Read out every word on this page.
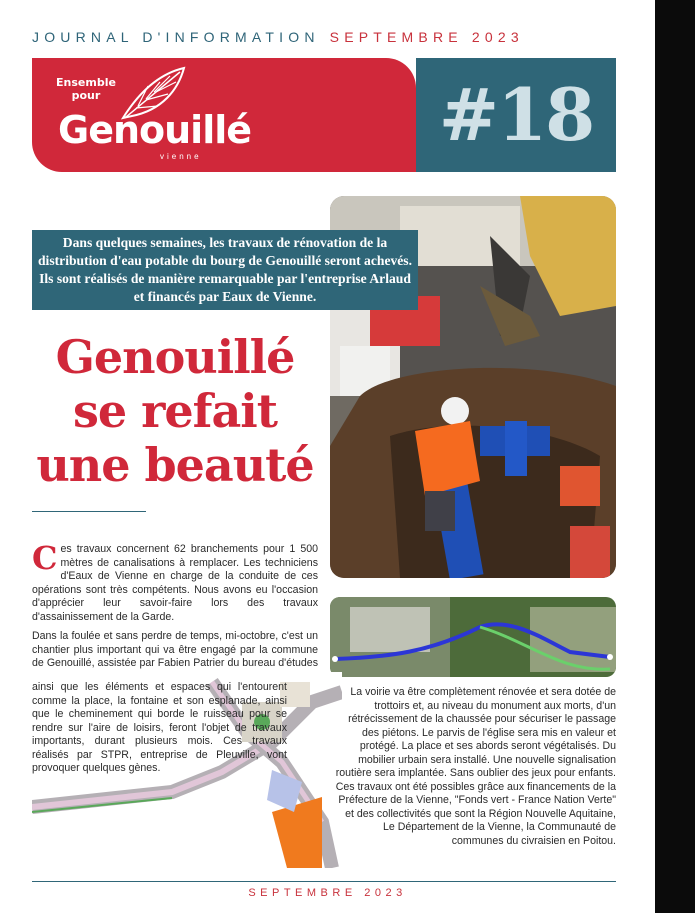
JOURNAL D'INFORMATION SEPTEMBRE 2023
Ensemble
pour
Genouillé
vienne	#18
Dans quelques semaines, les travaux de rénovation de la distribution d'eau potable du bourg de Genouillé seront achevés. Ils sont réalisés de manière remarquable par l'entreprise Arlaud et financés par Eaux de Vienne.
Genouillé
se refait
une beauté
Ces travaux concernent 62 branchements pour 1 500 mètres de canalisations à remplacer. Les techniciens d'Eaux de Vienne en charge de la conduite de ces opérations sont très compétents. Nous avons eu l'occasion d'apprécier leur savoir-faire lors des travaux d'assainissement de la Garde.
Dans la foulée et sans perdre de temps, mi-octobre, c'est un chantier plus important qui va être engagé par la commune de Genouillé, assistée par Fabien Patrier du bureau d'études
ainsi que les éléments et espaces qui l'entourent comme la place, la fontaine et son esplanade, ainsi que le cheminement qui borde le ruisseau pour se rendre sur l'aire de loisirs, feront l'objet de travaux importants, durant plusieurs mois. Ces travaux réalisés par STPR, entreprise de Pleuville, vont provoquer quelques gènes.
La voirie va être complètement rénovée et sera dotée de trottoirs et, au niveau du monument aux morts, d'un rétrécissement de la chaussée pour sécuriser le passage des piétons. Le parvis de l'église sera mis en valeur et protégé. La place et ses abords seront végétalisés. Du mobilier urbain sera installé. Une nouvelle signalisation routière sera implantée. Sans oublier des jeux pour enfants. Ces travaux ont été possibles grâce aux financements de la Préfecture de la Vienne, "Fonds vert - France Nation Verte" et des collectivités que sont la Région Nouvelle Aquitaine, Le Département de la Vienne, la Communauté de communes du civraisien en Poitou.
SEPTEMBRE 2023
